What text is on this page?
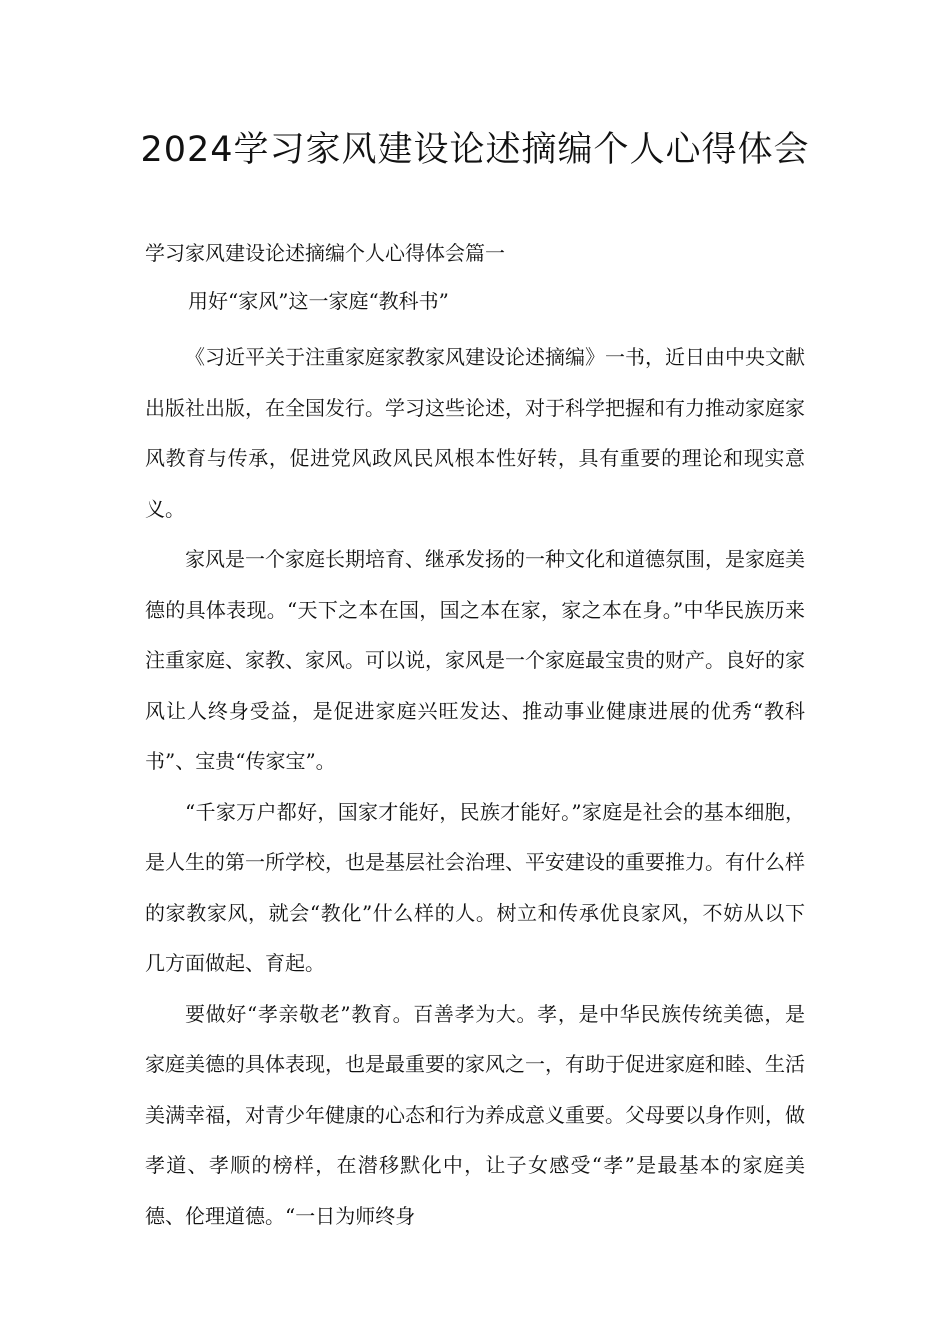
2024学习家风建设论述摘编个人心得体会

学习家风建设论述摘编个人心得体会篇一

用好“家风”这一家庭“教科书”

《习近平关于注重家庭家教家风建设论述摘编》一书，近日由中央文献出版社出版，在全国发行。学习这些论述，对于科学把握和有力推动家庭家风教育与传承，促进党风政风民风根本性好转，具有重要的理论和现实意义。

家风是一个家庭长期培育、继承发扬的一种文化和道德氛围，是家庭美德的具体表现。“天下之本在国，国之本在家，家之本在身。”中华民族历来注重家庭、家教、家风。可以说，家风是一个家庭最宝贵的财产。良好的家风让人终身受益，是促进家庭兴旺发达、推动事业健康进展的优秀“教科书”、宝贵“传家宝”。

“千家万户都好，国家才能好，民族才能好。”家庭是社会的基本细胞，是人生的第一所学校，也是基层社会治理、平安建设的重要推力。有什么样的家教家风，就会“教化”什么样的人。树立和传承优良家风，不妨从以下几方面做起、育起。

要做好“孝亲敬老”教育。百善孝为大。孝，是中华民族传统美德，是家庭美德的具体表现，也是最重要的家风之一，有助于促进家庭和睦、生活美满幸福，对青少年健康的心态和行为养成意义重要。父母要以身作则，做孝道、孝顺的榜样，在潜移默化中，让子女感受“孝”是最基本的家庭美德、伦理道德。“一日为师终身
